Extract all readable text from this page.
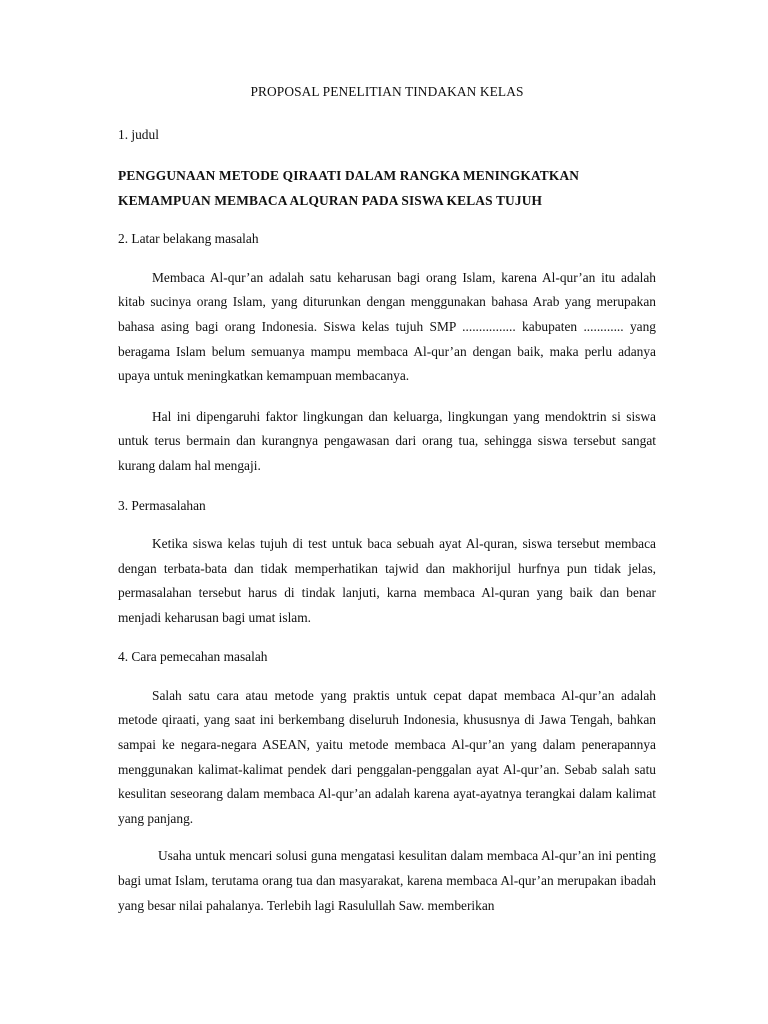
PROPOSAL PENELITIAN TINDAKAN KELAS

1. judul

PENGGUNAAN METODE QIRAATI DALAM RANGKA MENINGKATKAN
KEMAMPUAN MEMBACA ALQURAN PADA SISWA KELAS TUJUH

2. Latar belakang masalah

Membaca Al-qur’an adalah satu keharusan bagi orang Islam, karena Al-qur’an itu adalah kitab sucinya orang Islam, yang diturunkan dengan menggunakan bahasa Arab yang merupakan bahasa asing bagi orang Indonesia. Siswa kelas tujuh SMP ................ kabupaten ............ yang beragama Islam belum semuanya mampu membaca Al-qur’an dengan baik, maka perlu adanya upaya untuk meningkatkan kemampuan membacanya.

Hal ini dipengaruhi faktor lingkungan dan keluarga, lingkungan yang mendoktrin si siswa untuk terus bermain dan kurangnya pengawasan dari orang tua, sehingga siswa tersebut sangat kurang dalam hal mengaji.

3. Permasalahan

Ketika siswa kelas tujuh di test untuk baca sebuah ayat Al-quran, siswa tersebut membaca dengan terbata-bata dan tidak memperhatikan tajwid dan makhorijul hurfnya pun tidak jelas, permasalahan tersebut harus di tindak lanjuti, karna membaca Al-quran yang baik dan benar menjadi keharusan bagi umat islam.

4. Cara pemecahan masalah

Salah satu cara atau metode yang praktis untuk cepat dapat membaca Al-qur’an adalah metode qiraati, yang saat ini berkembang diseluruh Indonesia, khususnya di Jawa Tengah, bahkan sampai ke negara-negara ASEAN, yaitu metode membaca Al-qur’an yang dalam penerapannya menggunakan kalimat-kalimat pendek dari penggalan-penggalan ayat Al-qur’an. Sebab salah satu kesulitan seseorang dalam membaca Al-qur’an adalah karena ayat-ayatnya terangkai dalam kalimat yang panjang.

Usaha untuk mencari solusi guna mengatasi kesulitan dalam membaca Al-qur’an ini penting bagi umat Islam, terutama orang tua dan masyarakat, karena membaca Al-qur’an merupakan ibadah yang besar nilai pahalanya. Terlebih lagi Rasulullah Saw. memberikan
